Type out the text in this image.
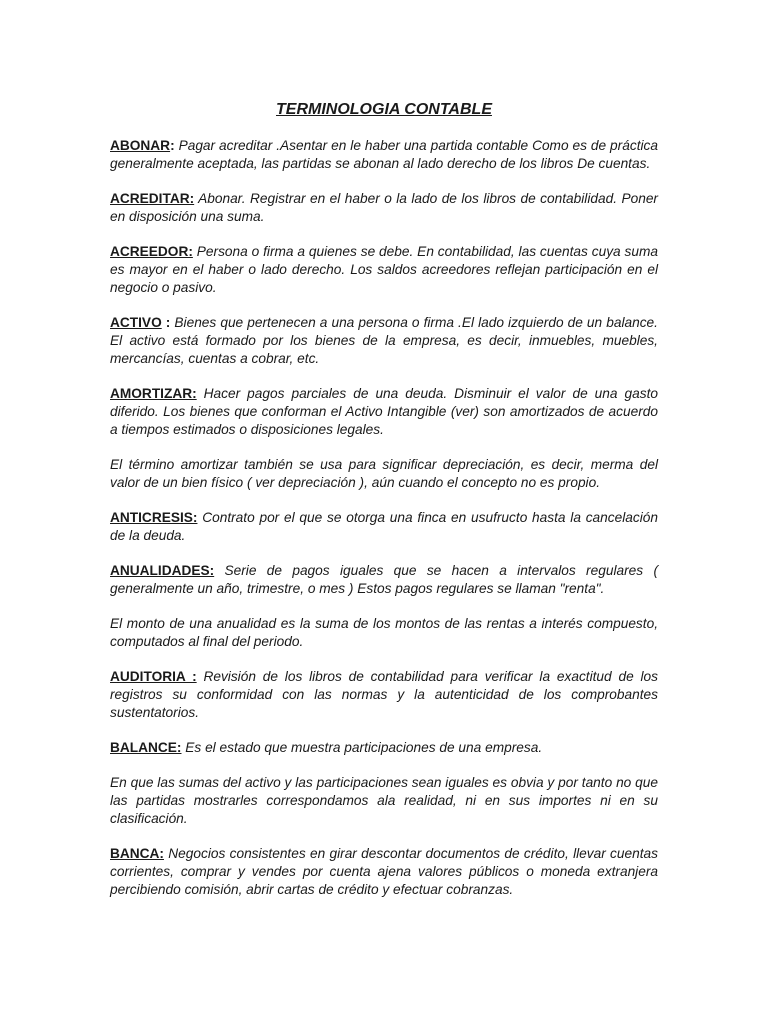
TERMINOLOGIA CONTABLE

ABONAR: Pagar acreditar .Asentar en le haber una partida contable Como es de práctica generalmente aceptada, las partidas se abonan al lado derecho de los libros De cuentas.

ACREDITAR: Abonar. Registrar en el haber o la lado de los libros de contabilidad. Poner en disposición una suma.

ACREEDOR: Persona o firma a quienes se debe. En contabilidad, las cuentas cuya suma es mayor en el haber o lado derecho. Los saldos acreedores reflejan participación en el negocio o pasivo.

ACTIVO : Bienes que pertenecen a una persona o firma .El lado izquierdo de un balance. El activo está formado por los bienes de la empresa, es decir, inmuebles, muebles, mercancías, cuentas a cobrar, etc.

AMORTIZAR: Hacer pagos parciales de una deuda. Disminuir el valor de una gasto diferido. Los bienes que conforman el Activo Intangible (ver) son amortizados de acuerdo a tiempos estimados o disposiciones legales.

El término amortizar también se usa para significar depreciación, es decir, merma del valor de un bien físico ( ver depreciación ), aún cuando el concepto no es propio.

ANTICRESIS: Contrato por el que se otorga una finca en usufructo hasta la cancelación de la deuda.

ANUALIDADES: Serie de pagos iguales que se hacen a intervalos regulares ( generalmente un año, trimestre, o mes ) Estos pagos regulares se llaman "renta".

El monto de una anualidad es la suma de los montos de las rentas a interés compuesto, computados al final del periodo.

AUDITORIA : Revisión de los libros de contabilidad para verificar la exactitud de los registros su conformidad con las normas y la autenticidad de los comprobantes sustentatorios.

BALANCE: Es el estado que muestra participaciones de una empresa.

En que las sumas del activo y las participaciones sean iguales es obvia y por tanto no que las partidas mostrarles correspondamos ala realidad, ni en sus importes ni en su clasificación.

BANCA: Negocios consistentes en girar descontar documentos de crédito, llevar cuentas corrientes, comprar y vendes por cuenta ajena valores públicos o moneda extranjera percibiendo comisión, abrir cartas de crédito y efectuar cobranzas.
